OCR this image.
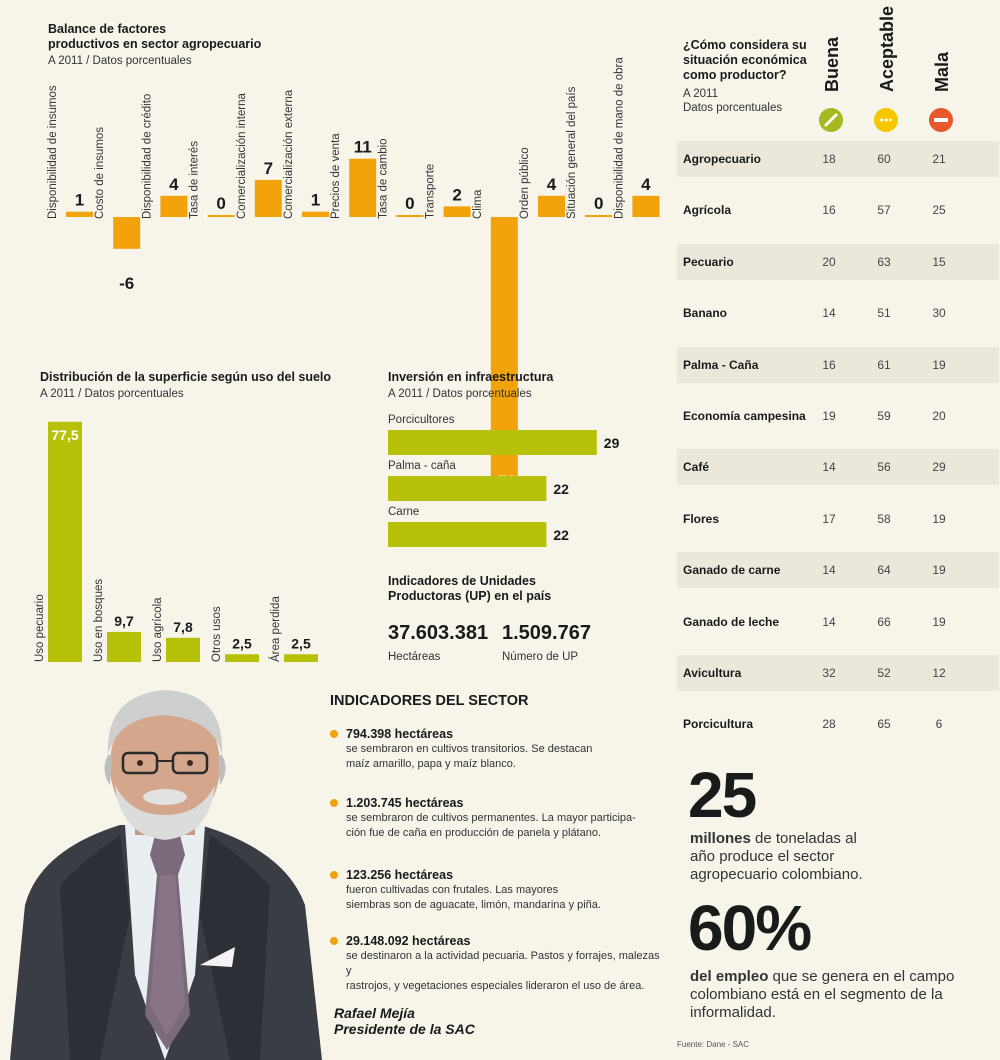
Balance de factores
productivos en sector agropecuario
A 2011 / Datos porcentuales
1
Disponibilidad de insumos
-6
Costo de insumos	4
Disponibilidad de crédito	0
Tasa de interés	7
Comercialización interna	1
Comercialización externa	11
Precios de venta	0
Tasa de cambio	2
Transporte	Clima
4
Orden público	0
Situación general del país	4
Disponibilidad de mano de obra
Distribución de la superficie según uso del suelo
A 2011 / Datos porcentuales
77,5
Uso pecuario	9,7
Uso en bosques	7,8
Uso agrícola	2,5
Otros usos	2,5
Área perdida
Inversión en infraestructura
A 2011 / Datos porcentuales
Porcicultores
29
Palma - caña
22
Carne
22
Indicadores de Unidades
Productoras (UP) en el país
37.603.381
Hectáreas
1.509.767
Número de UP
¿Cómo considera su
situación económica
como productor?
A 2011
Datos porcentuales
Buena Aceptable Mala
Agropecuario	18	60	21
Agrícola	16	57	25
Pecuario	20	63	15
Banano	14	51	30
Palma - Caña	16	61	19
Economía campesina	19	59	20
Café	14	56	29
Flores	17	58	19
Ganado de carne	14	64	19
Ganado de leche	14	66	19
Avicultura	32	52	12
Porcicultura	28	65	6
INDICADORES DEL SECTOR
794.398 hectáreas
se sembraron en cultivos transitorios. Se destacan
maíz amarillo, papa y maíz blanco.
1.203.745 hectáreas
se sembraron de cultivos permanentes. La mayor participa-
ción fue de caña en producción de panela y plátano.
123.256 hectáreas
fueron cultivadas con frutales. Las mayores
siembras son de aguacate, limón, mandarina y piña.
29.148.092 hectáreas
se destinaron a la actividad pecuaria. Pastos y forrajes, malezas y
rastrojos, y vegetaciones especiales lideraron el uso de área.
Rafael Mejía
Presidente de la SAC
25
millones de toneladas al
año produce el sector
agropecuario colombiano.
60%
del empleo que se genera en el campo
colombiano está en el segmento de la
informalidad.
Fuente: Dane - SAC
